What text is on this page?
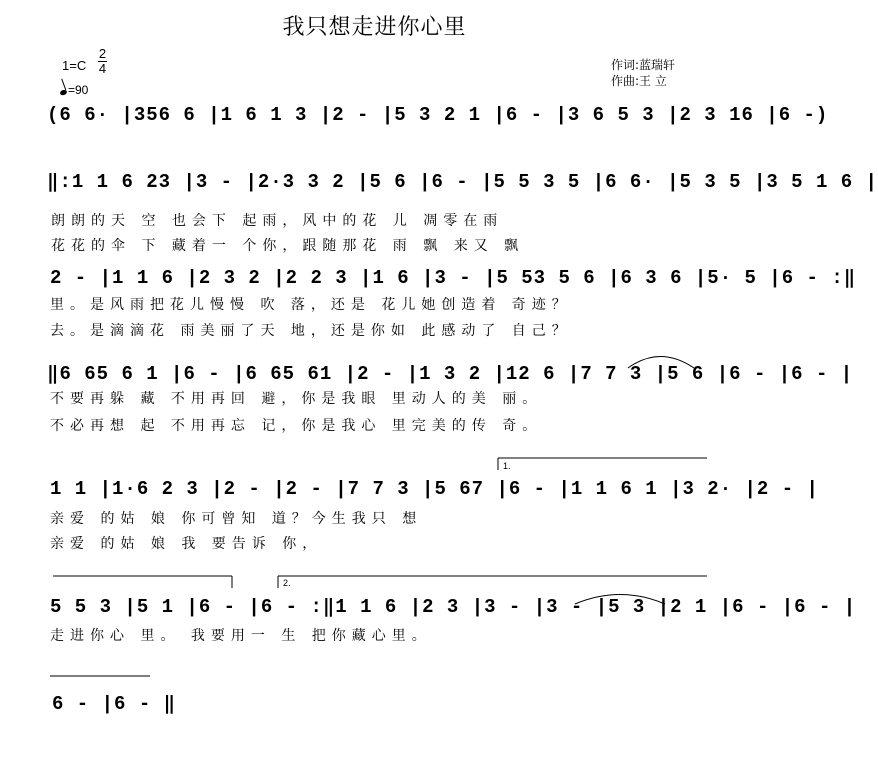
我只想走进你心里
1=C
2
4
=90
作词:蓝瑞轩
作曲:王 立
(6 6· |356 6 |1 6 1 3 |2 - |5 3 2 1 |6 - |3 6 5 3 |2 3 16 |6 -)
‖:1 1 6 23 |3 - |2·3 3 2 |5 6 |6 - |5 5 3 5 |6 6· |5 3 5 |3 5 1 6 |
朗朗的天 空 也会下 起雨，风中的花 儿 凋零在雨
花花的伞 下 藏着一 个你，跟随那花 雨 飘 来又 飘
2 - |1 1 6 |2 3 2 |2 2 3 |1 6 |3 - |5 53 5 6 |6 3 6 |5· 5 |6 - :‖
里。是风雨把花儿慢慢 吹 落，还是 花儿她创造着 奇迹？
去。是滴滴花 雨美丽了天 地，还是你如 此感动了 自己？
‖6 65 6 1 |6 - |6 65 61 |2 - |1 3 2 |12 6 |7 7 3 |5 6 |6 - |6 - |
不要再躲 藏 不用再回 避，你是我眼 里动人的美 丽。
不必再想 起 不用再忘 记，你是我心 里完美的传 奇。
1 1 |1·6 2 3 |2 - |2 - |7 7 3 |5 67 |6 - |1 1 6 1 |3 2· |2 - |
亲爱 的姑 娘 你可曾知 道？今生我只 想
亲爱 的姑 娘 我 要告诉 你，
1.
5 5 3 |5 1 |6 - |6 - :‖1 1 6 |2 3 |3 - |3 - |5 3 |2 1 |6 - |6 - |
走进你心 里。 我要用一 生 把你藏心里。
2.
6 - |6 - ‖
